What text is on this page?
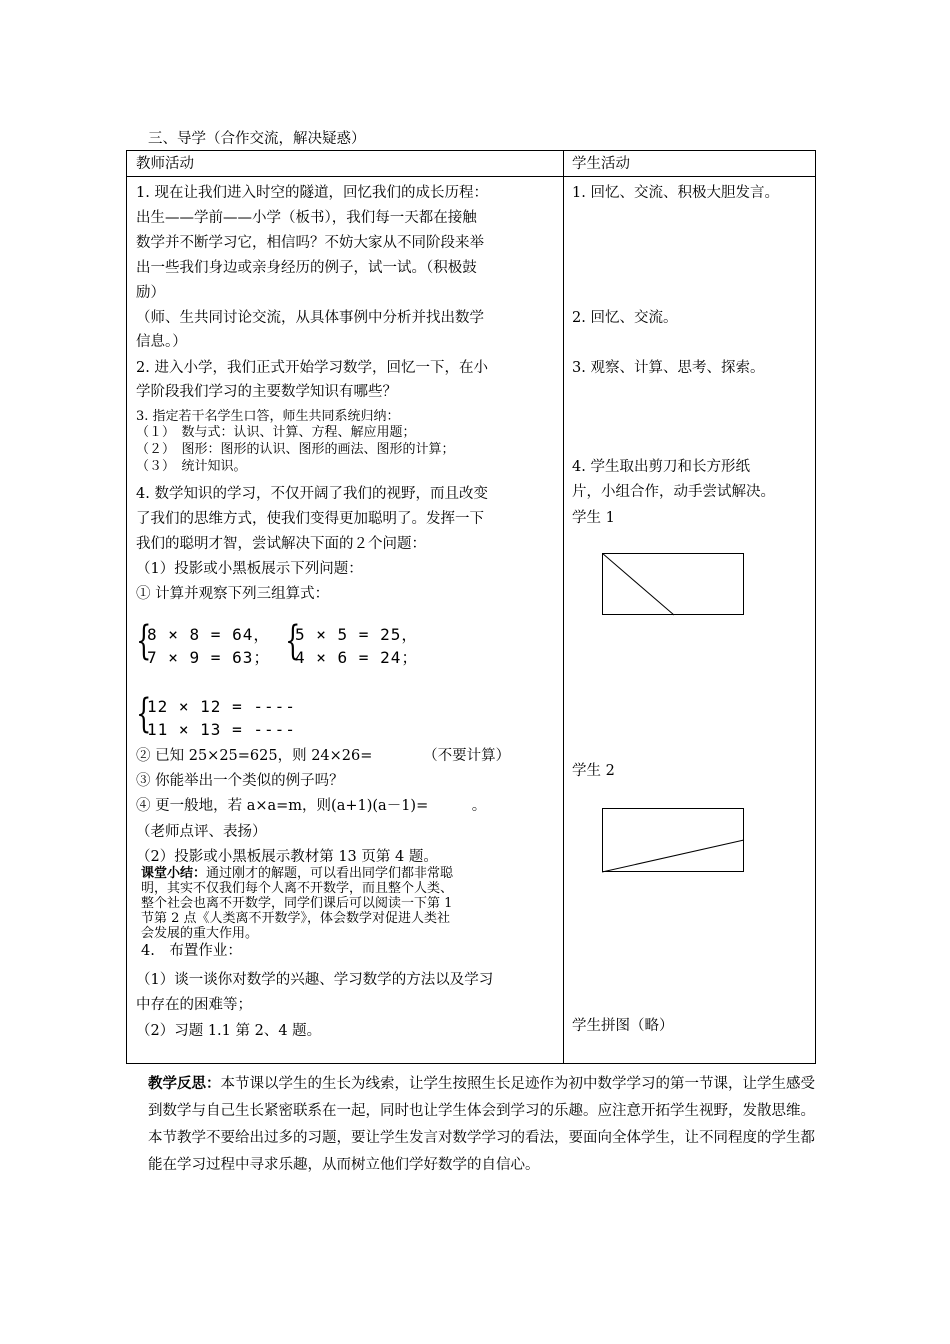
三、导学（合作交流，解决疑惑）
教师活动	学生活动
1. 现在让我们进入时空的隧道，回忆我们的成长历程：
出生——学前——小学（板书），我们每一天都在接触
数学并不断学习它，相信吗？不妨大家从不同阶段来举
出一些我们身边或亲身经历的例子，试一试。（积极鼓
励）
（师、生共同讨论交流，从具体事例中分析并找出数学
信息。）
2. 进入小学，我们正式开始学习数学，回忆一下，在小
学阶段我们学习的主要数学知识有哪些？
3. 指定若干名学生口答，师生共同系统归纳：
（１）　数与式：认识、计算、方程、解应用题；
（２）　图形：图形的认识、图形的画法、图形的计算；
（３）　统计知识。
4. 数学知识的学习，不仅开阔了我们的视野，而且改变
了我们的思维方式，使我们变得更加聪明了。发挥一下
我们的聪明才智，尝试解决下面的２个问题：
（1）投影或小黑板展示下列问题：
① 计算并观察下列三组算式：
{
8 × 8 = 64，
7 × 9 = 63； {
5 × 5 = 25，
4 × 6 = 24；
{
12 × 12 = ----
11 × 13 = ----
② 已知 25×25=625，则 24×26=　　　　（不要计算）
③ 你能举出一个类似的例子吗？
④ 更一般地，若 a×a=m，则(a+1)(a－1)=　　　。
（老师点评、表扬）
（2）投影或小黑板展示教材第 13 页第 4 题。
课堂小结：通过刚才的解题，可以看出同学们都非常聪
明，其实不仅我们每个人离不开数学，而且整个人类、
整个社会也离不开数学，同学们课后可以阅读一下第 1
节第 2 点《人类离不开数学》，体会数学对促进人类社
会发展的重大作用。
4.　布置作业：
（1）谈一谈你对数学的兴趣、学习数学的方法以及学习
中存在的困难等；
（2）习题 1.1 第 2、4 题。
1. 回忆、交流、积极大胆发言。
2. 回忆、交流。
3. 观察、计算、思考、探索。
4. 学生取出剪刀和长方形纸
片，小组合作，动手尝试解决。
学生 1
学生 2
学生拼图（略）
教学反思：本节课以学生的生长为线索，让学生按照生长足迹作为初中数学学习的第一节课，让学生感受到数学与自己生长紧密联系在一起，同时也让学生体会到学习的乐趣。应注意开拓学生视野，发散思维。本节教学不要给出过多的习题，要让学生发言对数学学习的看法，要面向全体学生，让不同程度的学生都能在学习过程中寻求乐趣，从而树立他们学好数学的自信心。
